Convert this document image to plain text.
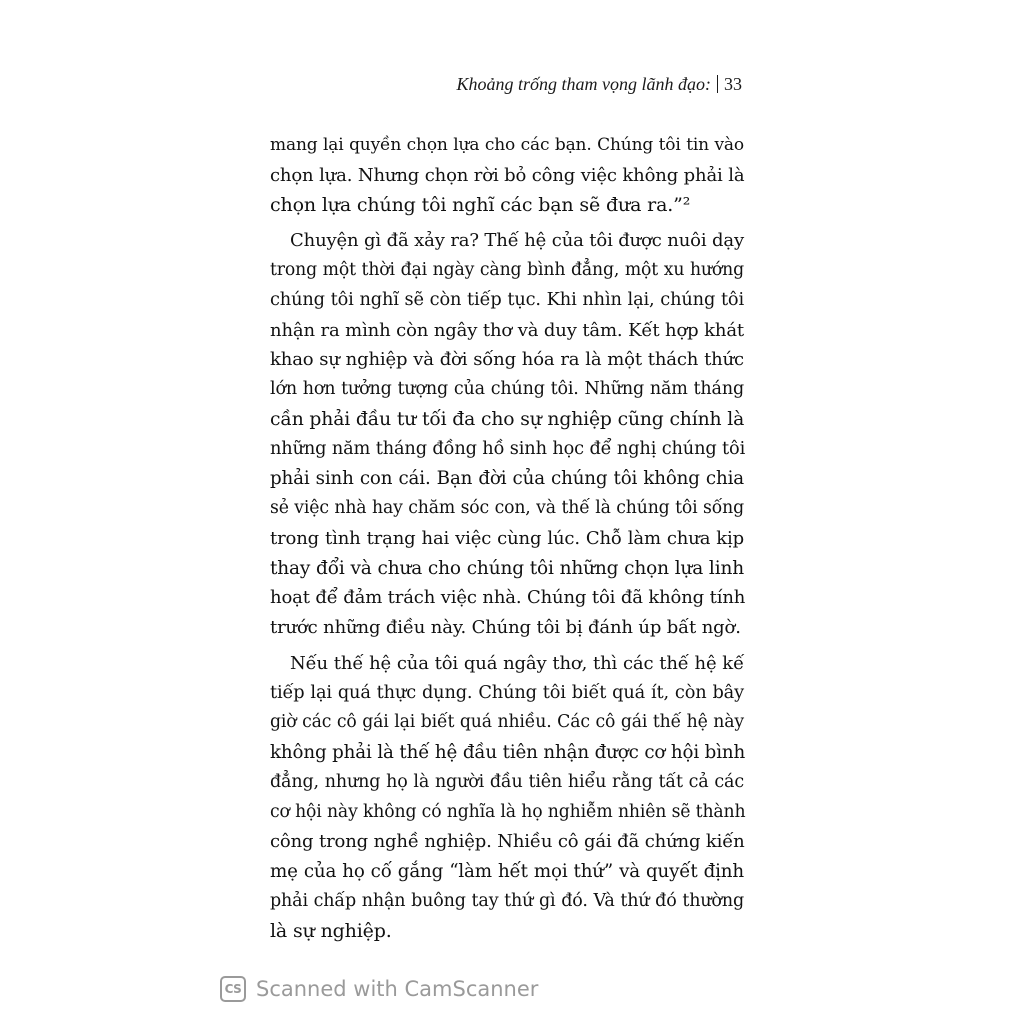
Khoảng trống tham vọng lãnh đạo: 33
mang lại quyền chọn lựa cho các bạn. Chúng tôi tin vào
chọn lựa. Nhưng chọn rời bỏ công việc không phải là
chọn lựa chúng tôi nghĩ các bạn sẽ đưa ra.”²
Chuyện gì đã xảy ra? Thế hệ của tôi được nuôi dạy
trong một thời đại ngày càng bình đẳng, một xu hướng
chúng tôi nghĩ sẽ còn tiếp tục. Khi nhìn lại, chúng tôi
nhận ra mình còn ngây thơ và duy tâm. Kết hợp khát
khao sự nghiệp và đời sống hóa ra là một thách thức
lớn hơn tưởng tượng của chúng tôi. Những năm tháng
cần phải đầu tư tối đa cho sự nghiệp cũng chính là
những năm tháng đồng hồ sinh học để nghị chúng tôi
phải sinh con cái. Bạn đời của chúng tôi không chia
sẻ việc nhà hay chăm sóc con, và thế là chúng tôi sống
trong tình trạng hai việc cùng lúc. Chỗ làm chưa kịp
thay đổi và chưa cho chúng tôi những chọn lựa linh
hoạt để đảm trách việc nhà. Chúng tôi đã không tính
trước những điều này. Chúng tôi bị đánh úp bất ngờ.
Nếu thế hệ của tôi quá ngây thơ, thì các thế hệ kế
tiếp lại quá thực dụng. Chúng tôi biết quá ít, còn bây
giờ các cô gái lại biết quá nhiều. Các cô gái thế hệ này
không phải là thế hệ đầu tiên nhận được cơ hội bình
đẳng, nhưng họ là người đầu tiên hiểu rằng tất cả các
cơ hội này không có nghĩa là họ nghiễm nhiên sẽ thành
công trong nghề nghiệp. Nhiều cô gái đã chứng kiến
mẹ của họ cố gắng “làm hết mọi thứ” và quyết định
phải chấp nhận buông tay thứ gì đó. Và thứ đó thường
là sự nghiệp.
CS Scanned with CamScanner
